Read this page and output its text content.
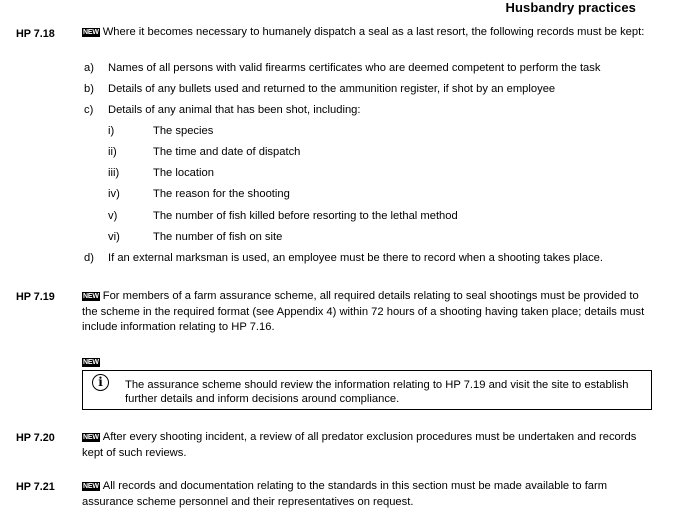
Husbandry practices
HP 7.18	NEW Where it becomes necessary to humanely dispatch a seal as a last resort, the following records must be kept:
a) Names of all persons with valid firearms certificates who are deemed competent to perform the task
b) Details of any bullets used and returned to the ammunition register, if shot by an employee
c) Details of any animal that has been shot, including:
i)	The species
ii)	The time and date of dispatch
iii)	The location
iv)	The reason for the shooting
v)	The number of fish killed before resorting to the lethal method
vi)	The number of fish on site
d) If an external marksman is used, an employee must be there to record when a shooting takes place.
HP 7.19	NEW For members of a farm assurance scheme, all required details relating to seal shootings must be provided to the scheme in the required format (see Appendix 4) within 72 hours of a shooting having taken place; details must include information relating to HP 7.16.
NEW
i	The assurance scheme should review the information relating to HP 7.19 and visit the site to establish further details and inform decisions around compliance.
HP 7.20	NEW After every shooting incident, a review of all predator exclusion procedures must be undertaken and records kept of such reviews.
HP 7.21	NEW All records and documentation relating to the standards in this section must be made available to farm assurance scheme personnel and their representatives on request.
